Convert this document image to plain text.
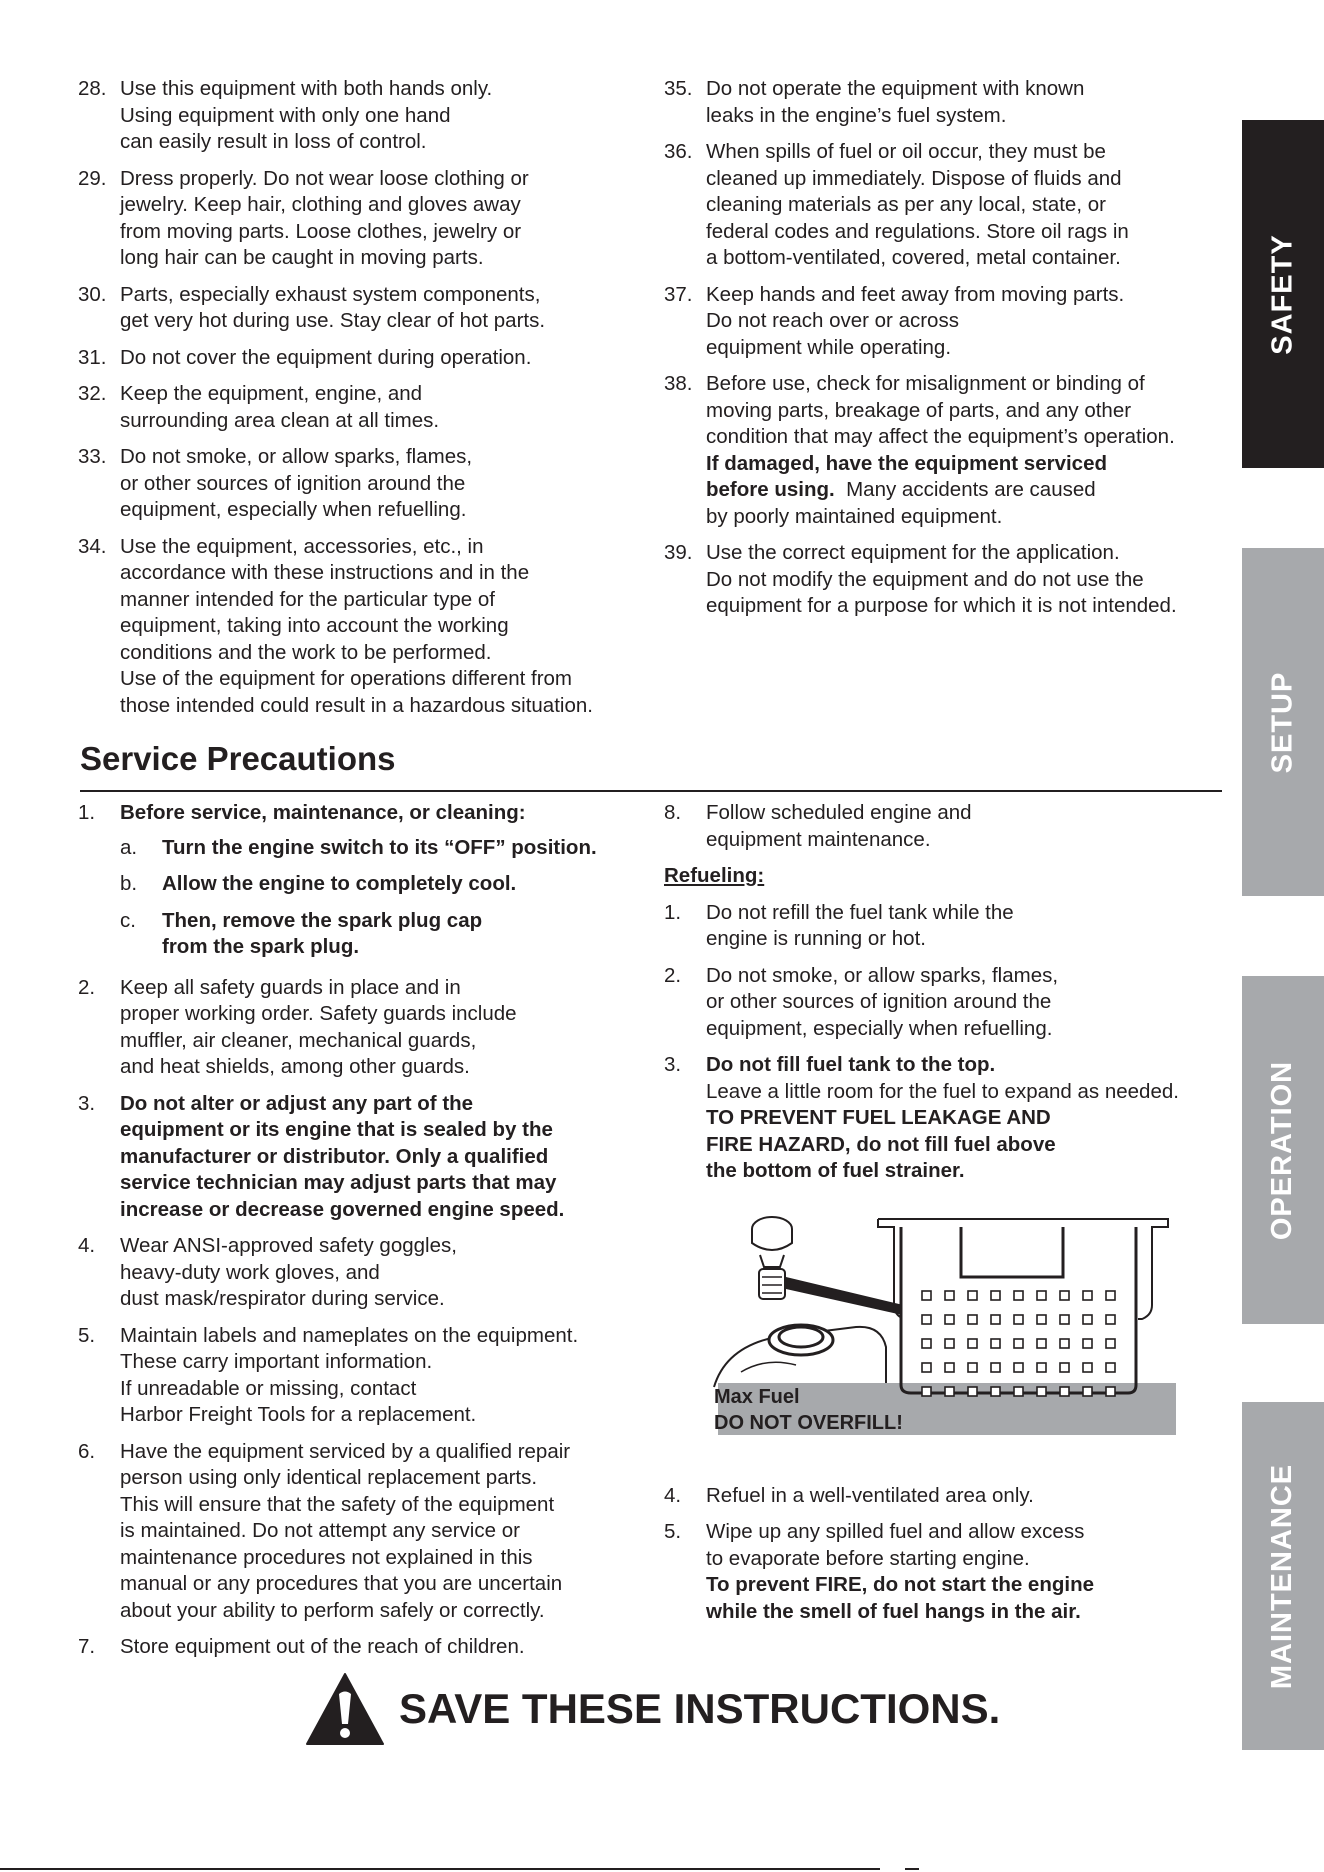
SAFETY
SETUP
OPERATION
MAINTENANCE
28. Use this equipment with both hands only.
Using equipment with only one hand
can easily result in loss of control.
29. Dress properly. Do not wear loose clothing or
jewelry. Keep hair, clothing and gloves away
from moving parts. Loose clothes, jewelry or
long hair can be caught in moving parts.
30. Parts, especially exhaust system components,
get very hot during use. Stay clear of hot parts.
31. Do not cover the equipment during operation.
32. Keep the equipment, engine, and
surrounding area clean at all times.
33. Do not smoke, or allow sparks, flames,
or other sources of ignition around the
equipment, especially when refuelling.
34. Use the equipment, accessories, etc., in
accordance with these instructions and in the
manner intended for the particular type of
equipment, taking into account the working
conditions and the work to be performed.
Use of the equipment for operations different from
those intended could result in a hazardous situation.
35. Do not operate the equipment with known
leaks in the engine’s fuel system.
36. When spills of fuel or oil occur, they must be
cleaned up immediately. Dispose of fluids and
cleaning materials as per any local, state, or
federal codes and regulations. Store oil rags in
a bottom-ventilated, covered, metal container.
37. Keep hands and feet away from moving parts.
Do not reach over or across
equipment while operating.
38. Before use, check for misalignment or binding of
moving parts, breakage of parts, and any other
condition that may affect the equipment’s operation.
If damaged, have the equipment serviced
before using.  Many accidents are caused
by poorly maintained equipment.
39. Use the correct equipment for the application.
Do not modify the equipment and do not use the
equipment for a purpose for which it is not intended.
Service Precautions
1.	Before service, maintenance, or cleaning:
a.	Turn the engine switch to its “OFF” position.
b.	Allow the engine to completely cool.
c.	Then, remove the spark plug cap
from the spark plug.
2.	Keep all safety guards in place and in
proper working order. Safety guards include
muffler, air cleaner, mechanical guards,
and heat shields, among other guards.
3.	Do not alter or adjust any part of the
equipment or its engine that is sealed by the
manufacturer or distributor. Only a qualified
service technician may adjust parts that may
increase or decrease governed engine speed.
4.	Wear ANSI-approved safety goggles,
heavy-duty work gloves, and
dust mask/respirator during service.
5.	Maintain labels and nameplates on the equipment.
These carry important information.
If unreadable or missing, contact
Harbor Freight Tools for a replacement.
6.	Have the equipment serviced by a qualified repair
person using only identical replacement parts.
This will ensure that the safety of the equipment
is maintained. Do not attempt any service or
maintenance procedures not explained in this
manual or any procedures that you are uncertain
about your ability to perform safely or correctly.
7.	Store equipment out of the reach of children.
8.	Follow scheduled engine and
equipment maintenance.
Refueling:
1.	Do not refill the fuel tank while the
engine is running or hot.
2.	Do not smoke, or allow sparks, flames,
or other sources of ignition around the
equipment, especially when refuelling.
3.	Do not fill fuel tank to the top.
Leave a little room for the fuel to expand as needed.
TO PREVENT FUEL LEAKAGE AND
FIRE HAZARD, do not fill fuel above
the bottom of fuel strainer.
Max Fuel
DO NOT OVERFILL!
4.	Refuel in a well-ventilated area only.
5.	Wipe up any spilled fuel and allow excess
to evaporate before starting engine.
To prevent FIRE, do not start the engine
while the smell of fuel hangs in the air.
SAVE THESE INSTRUCTIONS.
